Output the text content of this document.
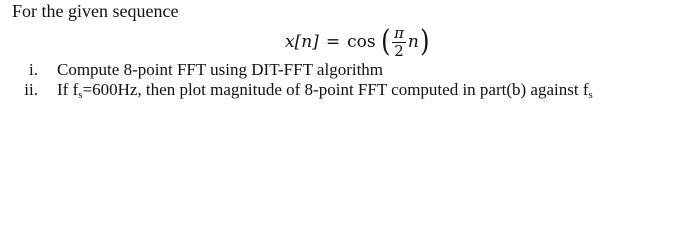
For the given sequence
x[n] = cos ( $\frac{\pi}{2}$ n )
i. Compute 8-point FFT using DIT-FFT algorithm
ii. If $f_s=600Hz$, then plot magnitude of 8-point FFT computed in part(b) against $f_s$
